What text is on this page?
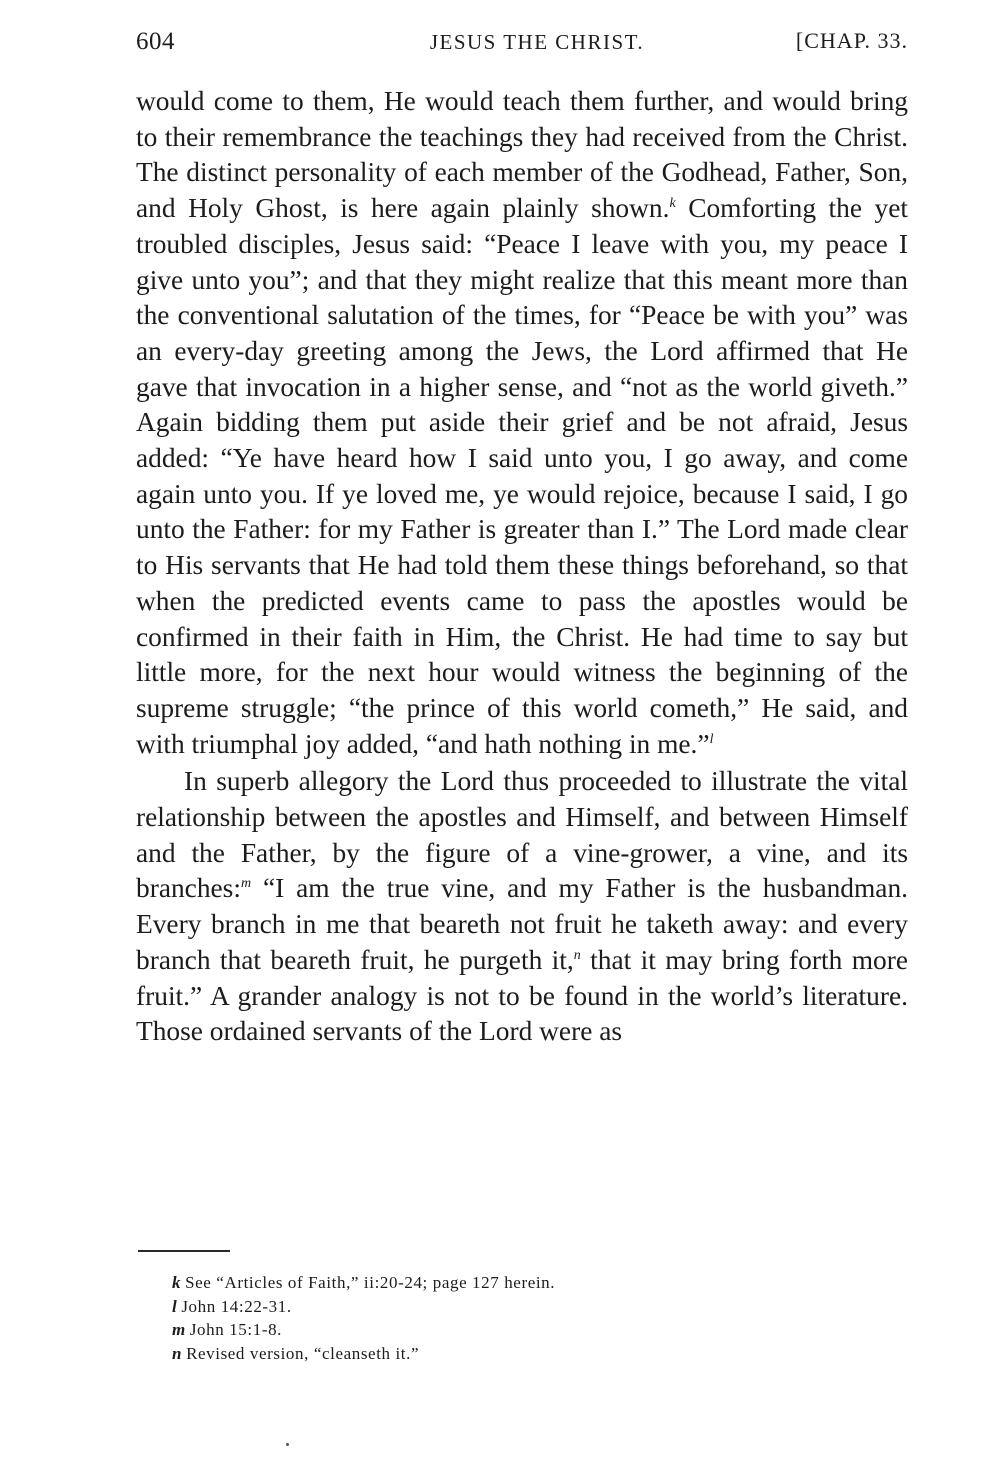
604	JESUS THE CHRIST.	[CHAP. 33.

would come to them, He would teach them further, and would bring to their remembrance the teachings they had received from the Christ. The distinct personality of each member of the Godhead, Father, Son, and Holy Ghost, is here again plainly shown.$^k$ Comforting the yet troubled disciples, Jesus said: “Peace I leave with you, my peace I give unto you”; and that they might realize that this meant more than the conventional salutation of the times, for “Peace be with you” was an every-day greeting among the Jews, the Lord affirmed that He gave that invocation in a higher sense, and “not as the world giveth.” Again bidding them put aside their grief and be not afraid, Jesus added: “Ye have heard how I said unto you, I go away, and come again unto you. If ye loved me, ye would rejoice, because I said, I go unto the Father: for my Father is greater than I.” The Lord made clear to His servants that He had told them these things beforehand, so that when the predicted events came to pass the apostles would be confirmed in their faith in Him, the Christ. He had time to say but little more, for the next hour would witness the beginning of the supreme struggle; “the prince of this world cometh,” He said, and with triumphal joy added, “and hath nothing in me.”$^l$

In superb allegory the Lord thus proceeded to illustrate the vital relationship between the apostles and Himself, and between Himself and the Father, by the figure of a vine-grower, a vine, and its branches:$^m$ “I am the true vine, and my Father is the husbandman. Every branch in me that beareth not fruit he taketh away: and every branch that beareth fruit, he purgeth it,$^n$ that it may bring forth more fruit.” A grander analogy is not to be found in the world’s literature. Those ordained servants of the Lord were as

k See “Articles of Faith,” ii:20-24; page 127 herein.
l John 14:22-31.
m John 15:1-8.
n Revised version, “cleanseth it.”
